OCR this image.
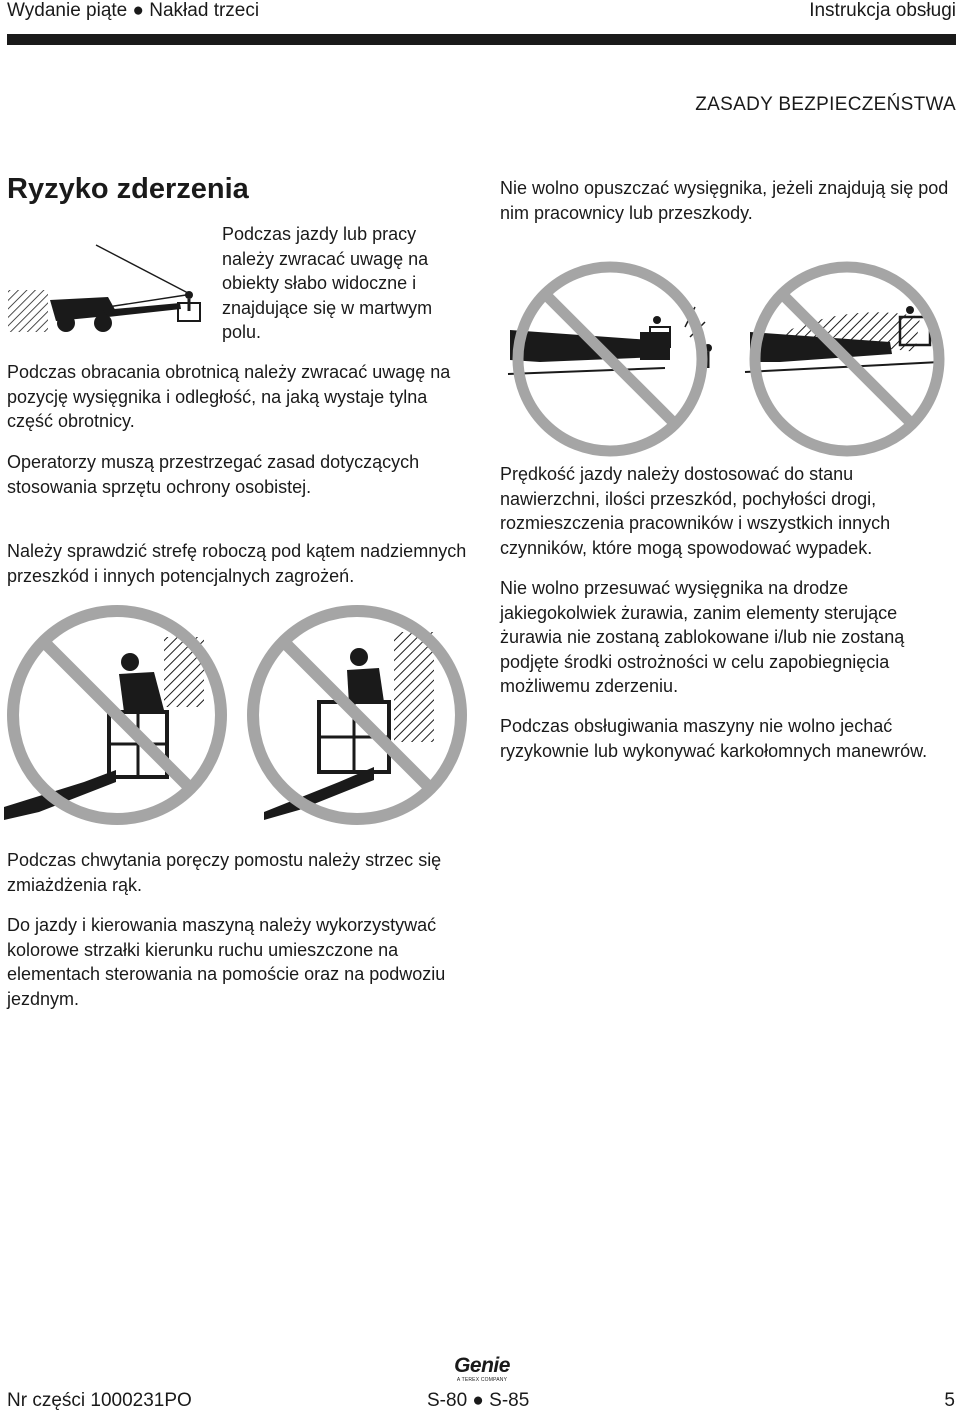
Wydanie piąte ● Nakład trzeci	Instrukcja obsługi
ZASADY BEZPIECZEŃSTWA
Ryzyko zderzenia

Podczas jazdy lub pracy należy zwracać uwagę na obiekty słabo widoczne i znajdujące się w martwym polu.

Podczas obracania obrotnicą należy zwracać uwagę na pozycję wysięgnika i odległość, na jaką wystaje tylna część obrotnicy.

Operatorzy muszą przestrzegać zasad dotyczących stosowania sprzętu ochrony osobistej.

Należy sprawdzić strefę roboczą pod kątem nadziemnych przeszkód i innych potencjalnych zagrożeń.

Podczas chwytania poręczy pomostu należy strzec się zmiażdżenia rąk.

Do jazdy i kierowania maszyną należy wykorzystywać kolorowe strzałki kierunku ruchu umieszczone na elementach sterowania na pomoście oraz na podwoziu jezdnym.

Nie wolno opuszczać wysięgnika, jeżeli znajdują się pod nim pracownicy lub przeszkody.

Prędkość jazdy należy dostosować do stanu nawierzchni, ilości przeszkód, pochyłości drogi, rozmieszczenia pracowników i wszystkich innych czynników, które mogą spowodować wypadek.

Nie wolno przesuwać wysięgnika na drodze jakiegokolwiek żurawia, zanim elementy sterujące żurawia nie zostaną zablokowane i/lub nie zostaną podjęte środki ostrożności w celu zapobiegnięcia możliwemu zderzeniu.

Podczas obsługiwania maszyny nie wolno jechać ryzykownie lub wykonywać karkołomnych manewrów.

Genie
A TEREX COMPANY
Nr części 1000231PO	S-80 ● S-85	5
